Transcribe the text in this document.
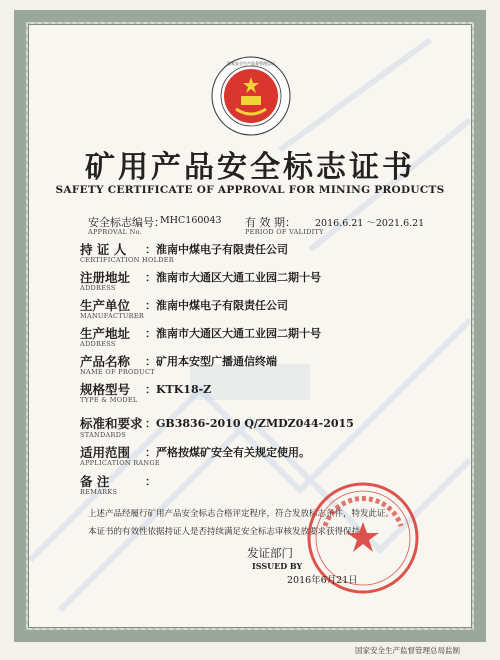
国家安全生产监督管理总局
矿用产品安全标志证书
SAFETY CERTIFICATE OF APPROVAL FOR MINING PRODUCTS
安全标志编号：
MHC160043
APPROVAL No.
有 效 期： 2016.6.21 ～2021.6.21
PERIOD OF VALIDITY
持 证 人 ：淮南中煤电子有限责任公司
CERTIFICATION HOLDER
注册地址 ：淮南市大通区大通工业园二期十号
ADDRESS
生产单位 ：淮南中煤电子有限责任公司
MANUFACTURER
生产地址 ：淮南市大通区大通工业园二期十号
ADDRESS
产品名称 ：矿用本安型广播通信终端
NAME OF PRODUCT
规格型号 ：KTK18-Z
TYPE & MODEL
标准和要求 ：GB3836-2010 Q/ZMDZ044-2015
STANDARDS
适用范围 ：严格按煤矿安全有关规定使用。
APPLICATION RANGE
备 注	：
REMARKS
上述产品经履行矿用产品安全标志合格评定程序，符合发放标志条件，特发此证。
本证书的有效性依据持证人是否持续满足安全标志审核发放要求获得保持。
发证部门
ISSUED BY
2016年6月21日
国家安全生产监督管理总局监制
